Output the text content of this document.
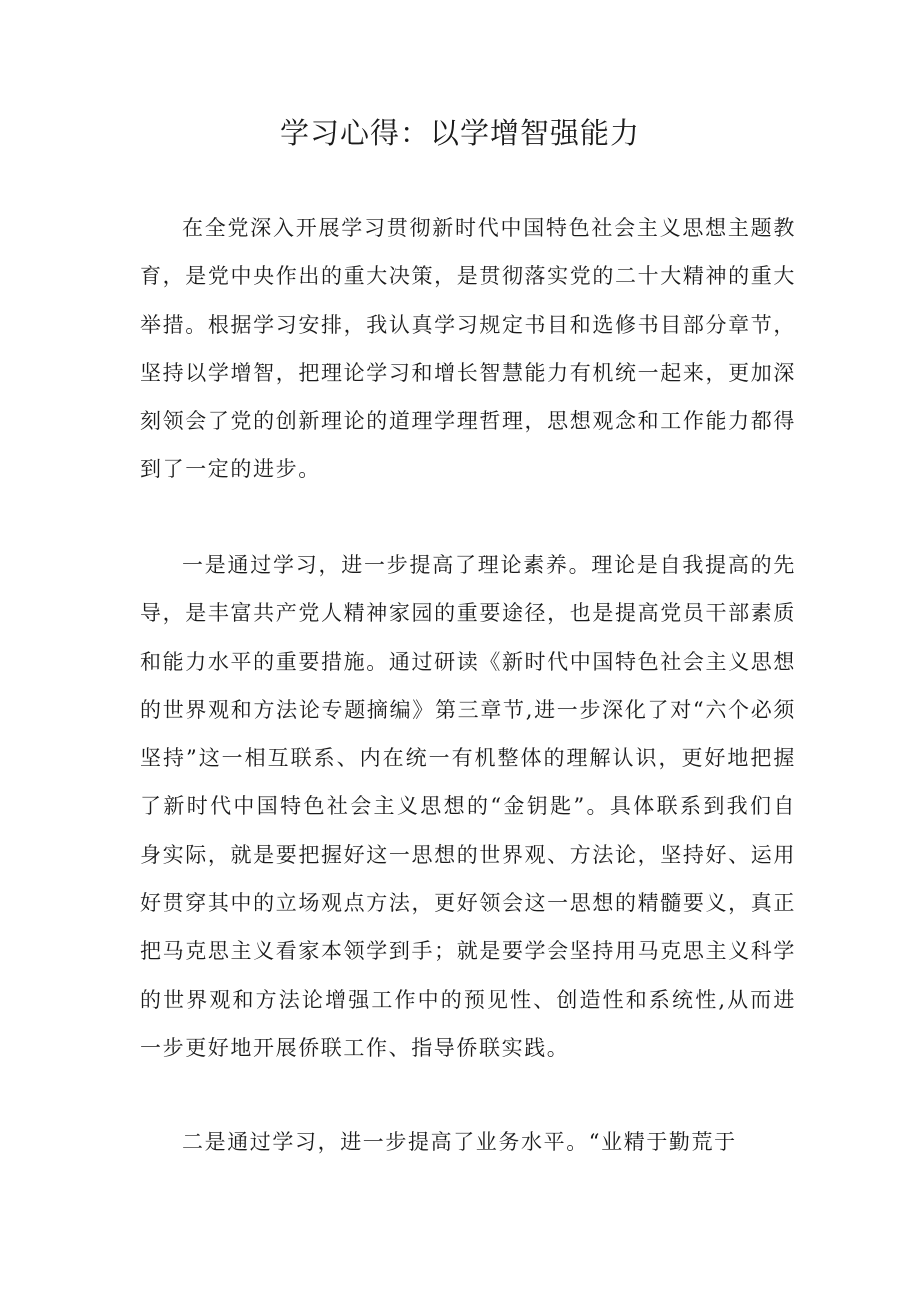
学习心得：以学增智强能力

在全党深入开展学习贯彻新时代中国特色社会主义思想主题教育，是党中央作出的重大决策，是贯彻落实党的二十大精神的重大举措。根据学习安排，我认真学习规定书目和选修书目部分章节，坚持以学增智，把理论学习和增长智慧能力有机统一起来，更加深刻领会了党的创新理论的道理学理哲理，思想观念和工作能力都得到了一定的进步。

一是通过学习，进一步提高了理论素养。理论是自我提高的先导，是丰富共产党人精神家园的重要途径，也是提高党员干部素质和能力水平的重要措施。通过研读《新时代中国特色社会主义思想的世界观和方法论专题摘编》第三章节,进一步深化了对“六个必须坚持”这一相互联系、内在统一有机整体的理解认识，更好地把握了新时代中国特色社会主义思想的“金钥匙”。具体联系到我们自身实际，就是要把握好这一思想的世界观、方法论，坚持好、运用好贯穿其中的立场观点方法，更好领会这一思想的精髓要义，真正把马克思主义看家本领学到手；就是要学会坚持用马克思主义科学的世界观和方法论增强工作中的预见性、创造性和系统性,从而进一步更好地开展侨联工作、指导侨联实践。

二是通过学习，进一步提高了业务水平。“业精于勤荒于
